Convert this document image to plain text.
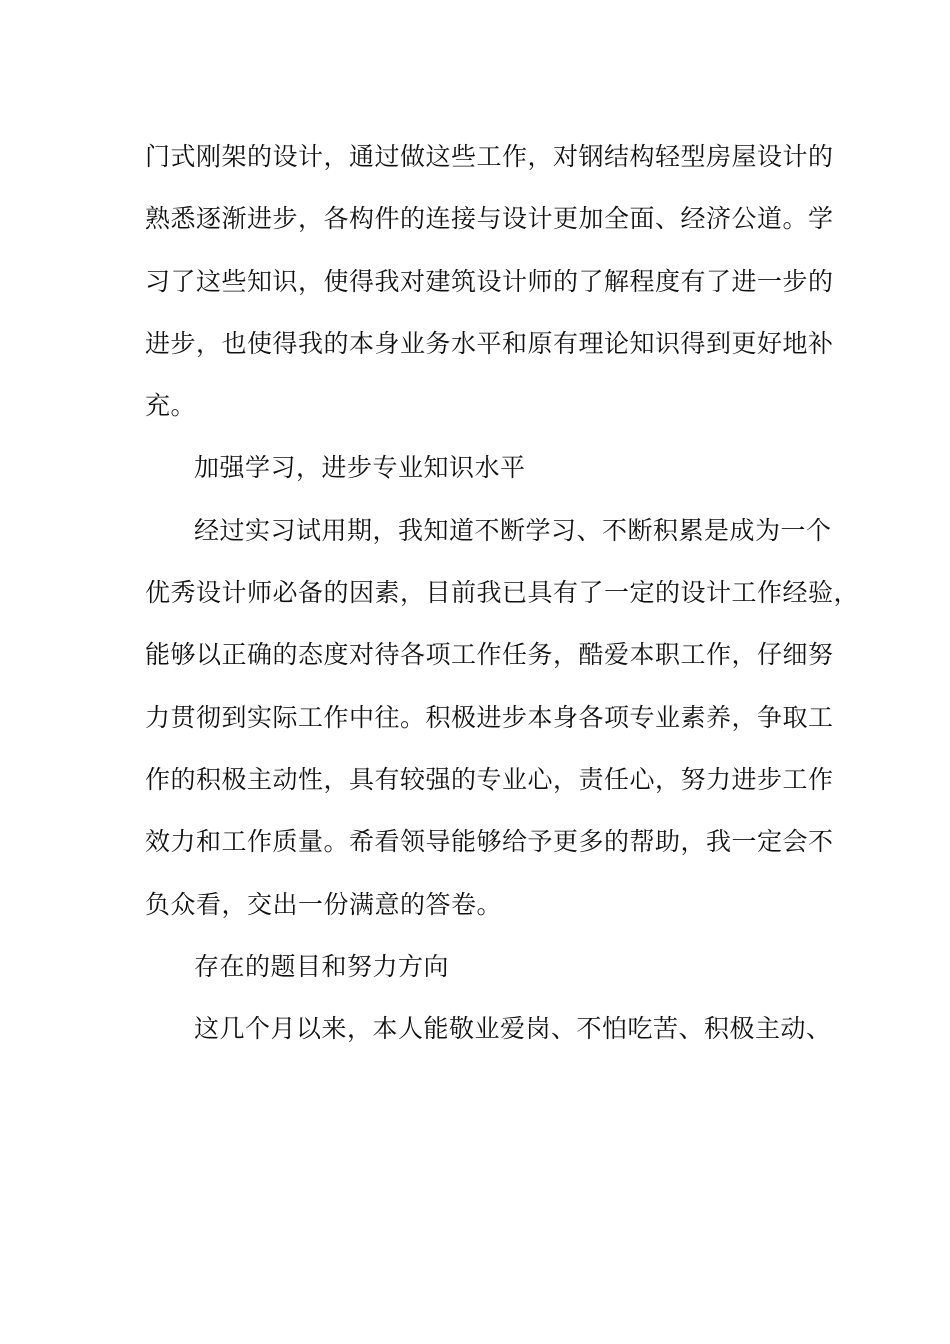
门式刚架的设计，通过做这些工作，对钢结构轻型房屋设计的
熟悉逐渐进步，各构件的连接与设计更加全面、经济公道。学
习了这些知识，使得我对建筑设计师的了解程度有了进一步的
进步，也使得我的本身业务水平和原有理论知识得到更好地补
充。
加强学习，进步专业知识水平
经过实习试用期，我知道不断学习、不断积累是成为一个
优秀设计师必备的因素，目前我已具有了一定的设计工作经验，
能够以正确的态度对待各项工作任务，酷爱本职工作，仔细努
力贯彻到实际工作中往。积极进步本身各项专业素养，争取工
作的积极主动性，具有较强的专业心，责任心，努力进步工作
效力和工作质量。希看领导能够给予更多的帮助，我一定会不
负众看，交出一份满意的答卷。
存在的题目和努力方向
这几个月以来，本人能敬业爱岗、不怕吃苦、积极主动、
